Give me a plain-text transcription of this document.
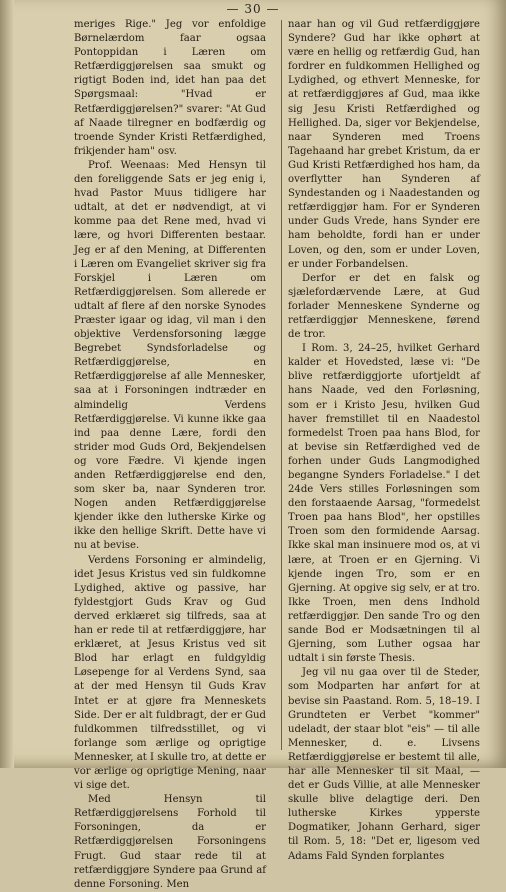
— 30 —

meriges Rige." Jeg vor enfoldige Børnelærdom faar ogsaa Pontoppidan i Læren om Retfærdiggjørelsen saa smukt og rigtigt Boden ind, idet han paa det Spørgsmaal: "Hvad er Retfærdiggjørelsen?" svarer: "At Gud af Naade tilregner en bodfærdig og troende Synder Kristi Retfærdighed, frikjender ham" osv.

Prof. Weenaas: Med Hensyn til den foreliggende Sats er jeg enig i, hvad Pastor Muus tidligere har udtalt, at det er nødvendigt, at vi komme paa det Rene med, hvad vi lære, og hvori Differenten bestaar. Jeg er af den Mening, at Differenten i Læren om Evangeliet skriver sig fra Forskjel i Læren om Retfærdiggjørelsen. Som allerede er udtalt af flere af den norske Synodes Præster igaar og idag, vil man i den objektive Verdensforsoning lægge Begrebet Syndsforladelse og Retfærdiggjørelse, en Retfærdiggjørelse af alle Mennesker, saa at i Forsoningen indtræder en almindelig Verdens Retfærdiggjørelse. Vi kunne ikke gaa ind paa denne Lære, fordi den strider mod Guds Ord, Bekjendelsen og vore Fædre. Vi kjende ingen anden Retfærdiggjørelse end den, som sker ba, naar Synderen tror. Nogen anden Retfærdiggjørelse kjender ikke den lutherske Kirke og ikke den hellige Skrift. Dette have vi nu at bevise.

Verdens Forsoning er almindelig, idet Jesus Kristus ved sin fuldkomne Lydighed, aktive og passive, har fyldestgjort Guds Krav og Gud derved erklæret sig tilfreds, saa at han er rede til at retfærdiggjøre, har erklæret, at Jesus Kristus ved sit Blod har erlagt en fuldgyldig Løsepenge for al Verdens Synd, saa at der med Hensyn til Guds Krav Intet er at gjøre fra Menneskets Side. Der er alt fuldbragt, der er Gud fuldkommen tilfredsstillet, og vi forlange som ærlige og oprigtige Mennesker, at I skulle tro, at dette er vor ærlige og oprigtige Mening, naar vi sige det.

Med Hensyn til Retfærdiggjørelsens Forhold til Forsoningen, da er Retfærdiggjørelsen Forsoningens Frugt. Gud staar rede til at retfærdiggjøre Syndere paa Grund af denne Forsoning. Men

naar han og vil Gud retfærdiggjøre Syndere? Gud har ikke ophørt at være en hellig og retfærdig Gud, han fordrer en fuldkommen Hellighed og Lydighed, og ethvert Menneske, for at retfærdiggjøres af Gud, maa ikke sig Jesu Kristi Retfærdighed og Hellighed. Da, siger vor Bekjendelse, naar Synderen med Troens Tagehaand har grebet Kristum, da er Gud Kristi Retfærdighed hos ham, da overflytter han Synderen af Syndestanden og i Naadestanden og retfærdiggjør ham. For er Synderen under Guds Vrede, hans Synder ere ham beholdte, fordi han er under Loven, og den, som er under Loven, er under Forbandelsen.

Derfor er det en falsk og sjælefordærvende Lære, at Gud forlader Menneskene Synderne og retfærdiggjør Menneskene, førend de tror.

I Rom. 3, 24–25, hvilket Gerhard kalder et Hovedsted, læse vi: "De blive retfærdiggjorte ufortjeldt af hans Naade, ved den Forløsning, som er i Kristo Jesu, hvilken Gud haver fremstillet til en Naadestol formedelst Troen paa hans Blod, for at bevise sin Retfærdighed ved de forhen under Guds Langmodighed begangne Synders Forladelse." I det 24de Vers stilles Forløsningen som den forstaaende Aarsag, "formedelst Troen paa hans Blod", her opstilles Troen som den formidende Aarsag. Ikke skal man insinuere mod os, at vi lære, at Troen er en Gjerning. Vi kjende ingen Tro, som er en Gjerning. At opgive sig selv, er at tro. Ikke Troen, men dens Indhold retfærdiggjør. Den sande Tro og den sande Bod er Modsætningen til al Gjerning, som Luther ogsaa har udtalt i sin første Thesis.

Jeg vil nu gaa over til de Steder, som Modparten har anført for at bevise sin Paastand. Rom. 5, 18–19. I Grundteten er Verbet "kommer" udeladt, der staar blot "eis" — til alle Mennesker, d. e. Livsens Retfærdiggjørelse er bestemt til alle, har alle Mennesker til sit Maal, — det er Guds Villie, at alle Mennesker skulle blive delagtige deri. Den lutherske Kirkes ypperste Dogmatiker, Johann Gerhard, siger til Rom. 5, 18: "Det er, ligesom ved Adams Fald Synden forplantes
